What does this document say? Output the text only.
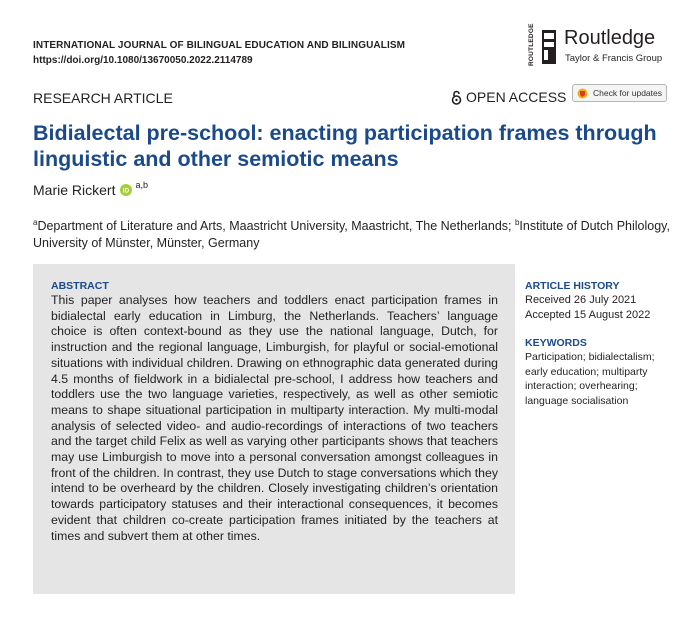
INTERNATIONAL JOURNAL OF BILINGUAL EDUCATION AND BILINGUALISM
https://doi.org/10.1080/13670050.2022.2114789	ROUTLEDGE Routledge
Taylor & Francis Group
RESEARCH ARTICLE	OPEN ACCESS	Check for updates
Bidialectal pre-school: enacting participation frames through linguistic and other semiotic means
Marie Rickert iD
$^{a,b}$
$^a$Department of Literature and Arts, Maastricht University, Maastricht, The Netherlands; $^b$Institute of Dutch Philology, University of Münster, Münster, Germany
ABSTRACT
This paper analyses how teachers and toddlers enact participation frames in bidialectal early education in Limburg, the Netherlands. Teachers’ language choice is often context-bound as they use the national language, Dutch, for instruction and the regional language, Limburgish, for playful or social-emotional situations with individual children. Drawing on ethnographic data generated during 4.5 months of fieldwork in a bidialectal pre-school, I address how teachers and toddlers use the two language varieties, respectively, as well as other semiotic means to shape situational participation in multiparty interaction. My multi-modal analysis of selected video- and audio-recordings of interactions of two teachers and the target child Felix as well as varying other participants shows that teachers may use Limburgish to move into a personal conversation amongst colleagues in front of the children. In contrast, they use Dutch to stage conversations which they intend to be overheard by the children. Closely investigating children’s orientation towards participatory statuses and their interactional consequences, it becomes evident that children co-create participation frames initiated by the teachers at times and subvert them at other times.
ARTICLE HISTORY
Received 26 July 2021
Accepted 15 August 2022
KEYWORDS
Participation; bidialectalism; early education; multiparty interaction; overhearing; language socialisation
